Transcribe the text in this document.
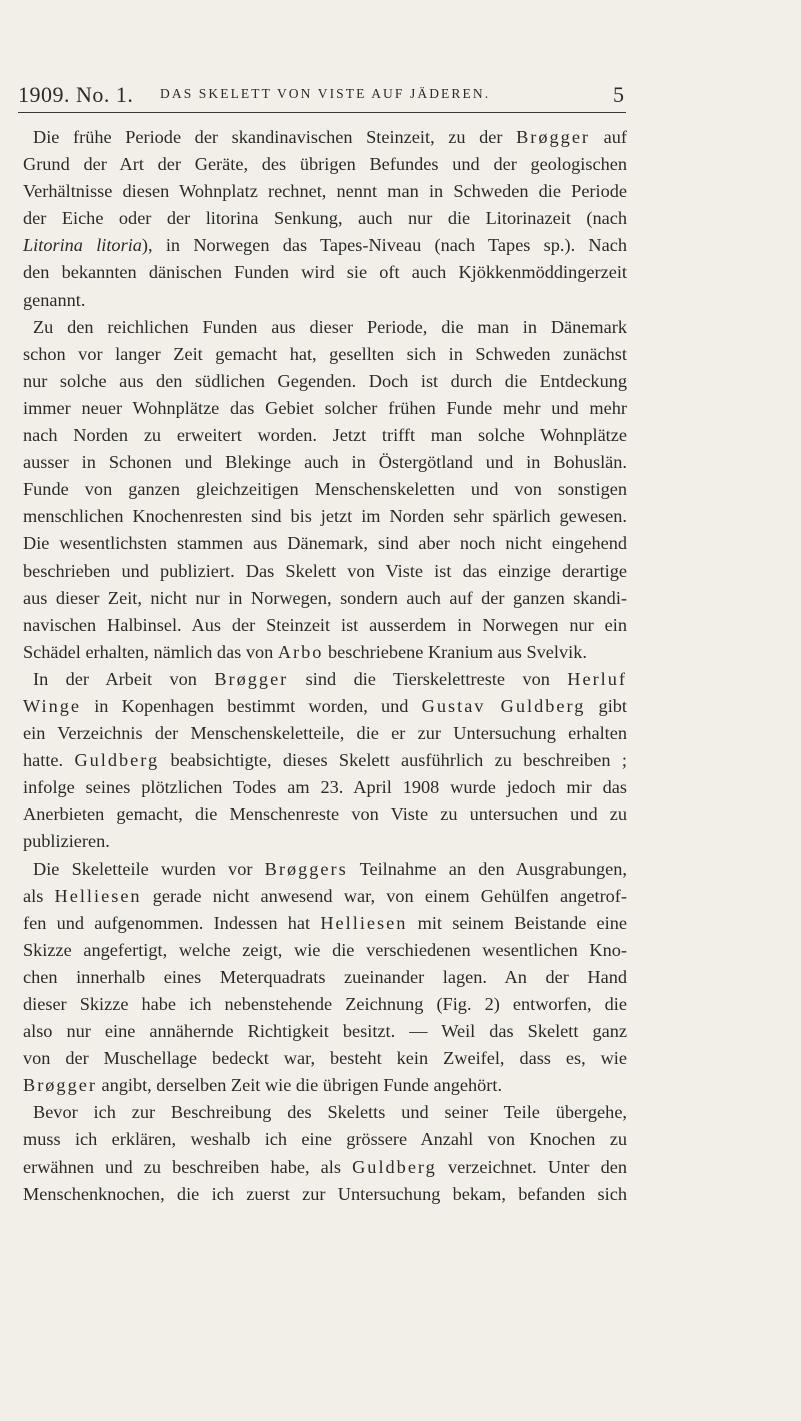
1909. No. 1. DAS SKELETT VON VISTE AUF JÄDEREN.	5
Die frühe Periode der skandinavischen Steinzeit, zu der Brøgger auf
Grund der Art der Geräte, des übrigen Befundes und der geologischen
Verhältnisse diesen Wohnplatz rechnet, nennt man in Schweden die Periode
der Eiche oder der litorina Senkung, auch nur die Litorinazeit (nach
Litorina litoria), in Norwegen das Tapes-Niveau (nach Tapes sp.). Nach
den bekannten dänischen Funden wird sie oft auch Kjökkenmöddingerzeit
genannt.
Zu den reichlichen Funden aus dieser Periode, die man in Dänemark
schon vor langer Zeit gemacht hat, gesellten sich in Schweden zunächst
nur solche aus den südlichen Gegenden. Doch ist durch die Entdeckung
immer neuer Wohnplätze das Gebiet solcher frühen Funde mehr und mehr
nach Norden zu erweitert worden. Jetzt trifft man solche Wohnplätze
ausser in Schonen und Blekinge auch in Östergötland und in Bohuslän.
Funde von ganzen gleichzeitigen Menschenskeletten und von sonstigen
menschlichen Knochenresten sind bis jetzt im Norden sehr spärlich gewesen.
Die wesentlichsten stammen aus Dänemark, sind aber noch nicht eingehend
beschrieben und publiziert. Das Skelett von Viste ist das einzige derartige
aus dieser Zeit, nicht nur in Norwegen, sondern auch auf der ganzen skandi-
navischen Halbinsel. Aus der Steinzeit ist ausserdem in Norwegen nur ein
Schädel erhalten, nämlich das von Arbo beschriebene Kranium aus Svelvik.
In der Arbeit von Brøgger sind die Tierskelettreste von Herluf
Winge in Kopenhagen bestimmt worden, und Gustav Guldberg gibt
ein Verzeichnis der Menschenskeletteile, die er zur Untersuchung erhalten
hatte. Guldberg beabsichtigte, dieses Skelett ausführlich zu beschreiben ;
infolge seines plötzlichen Todes am 23. April 1908 wurde jedoch mir das
Anerbieten gemacht, die Menschenreste von Viste zu untersuchen und zu
publizieren.
Die Skeletteile wurden vor Brøggers Teilnahme an den Ausgrabungen,
als Helliesen gerade nicht anwesend war, von einem Gehülfen angetrof-
fen und aufgenommen. Indessen hat Helliesen mit seinem Beistande eine
Skizze angefertigt, welche zeigt, wie die verschiedenen wesentlichen Kno-
chen innerhalb eines Meterquadrats zueinander lagen. An der Hand
dieser Skizze habe ich nebenstehende Zeichnung (Fig. 2) entworfen, die
also nur eine annähernde Richtigkeit besitzt. — Weil das Skelett ganz
von der Muschellage bedeckt war, besteht kein Zweifel, dass es, wie
Brøgger angibt, derselben Zeit wie die übrigen Funde angehört.
Bevor ich zur Beschreibung des Skeletts und seiner Teile übergehe,
muss ich erklären, weshalb ich eine grössere Anzahl von Knochen zu
erwähnen und zu beschreiben habe, als Guldberg verzeichnet. Unter den
Menschenknochen, die ich zuerst zur Untersuchung bekam, befanden sich
